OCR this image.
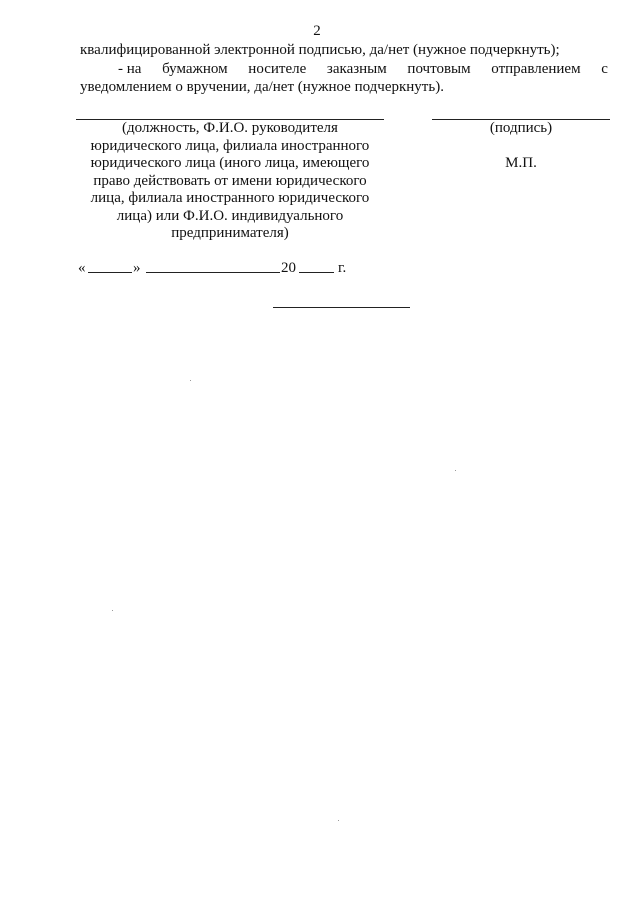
2
квалифицированной электронной подписью, да/нет (нужное подчеркнуть);
- на бумажном носителе заказным почтовым отправлением с
уведомлением о вручении, да/нет (нужное подчеркнуть).
(должность, Ф.И.О. руководителя
юридического лица, филиала иностранного
юридического лица (иного лица, имеющего
право действовать от имени юридического
лица, филиала иностранного юридического
лица) или Ф.И.О. индивидуального
предпринимателя)
(подпись)
М.П.
«	»	20	г.
